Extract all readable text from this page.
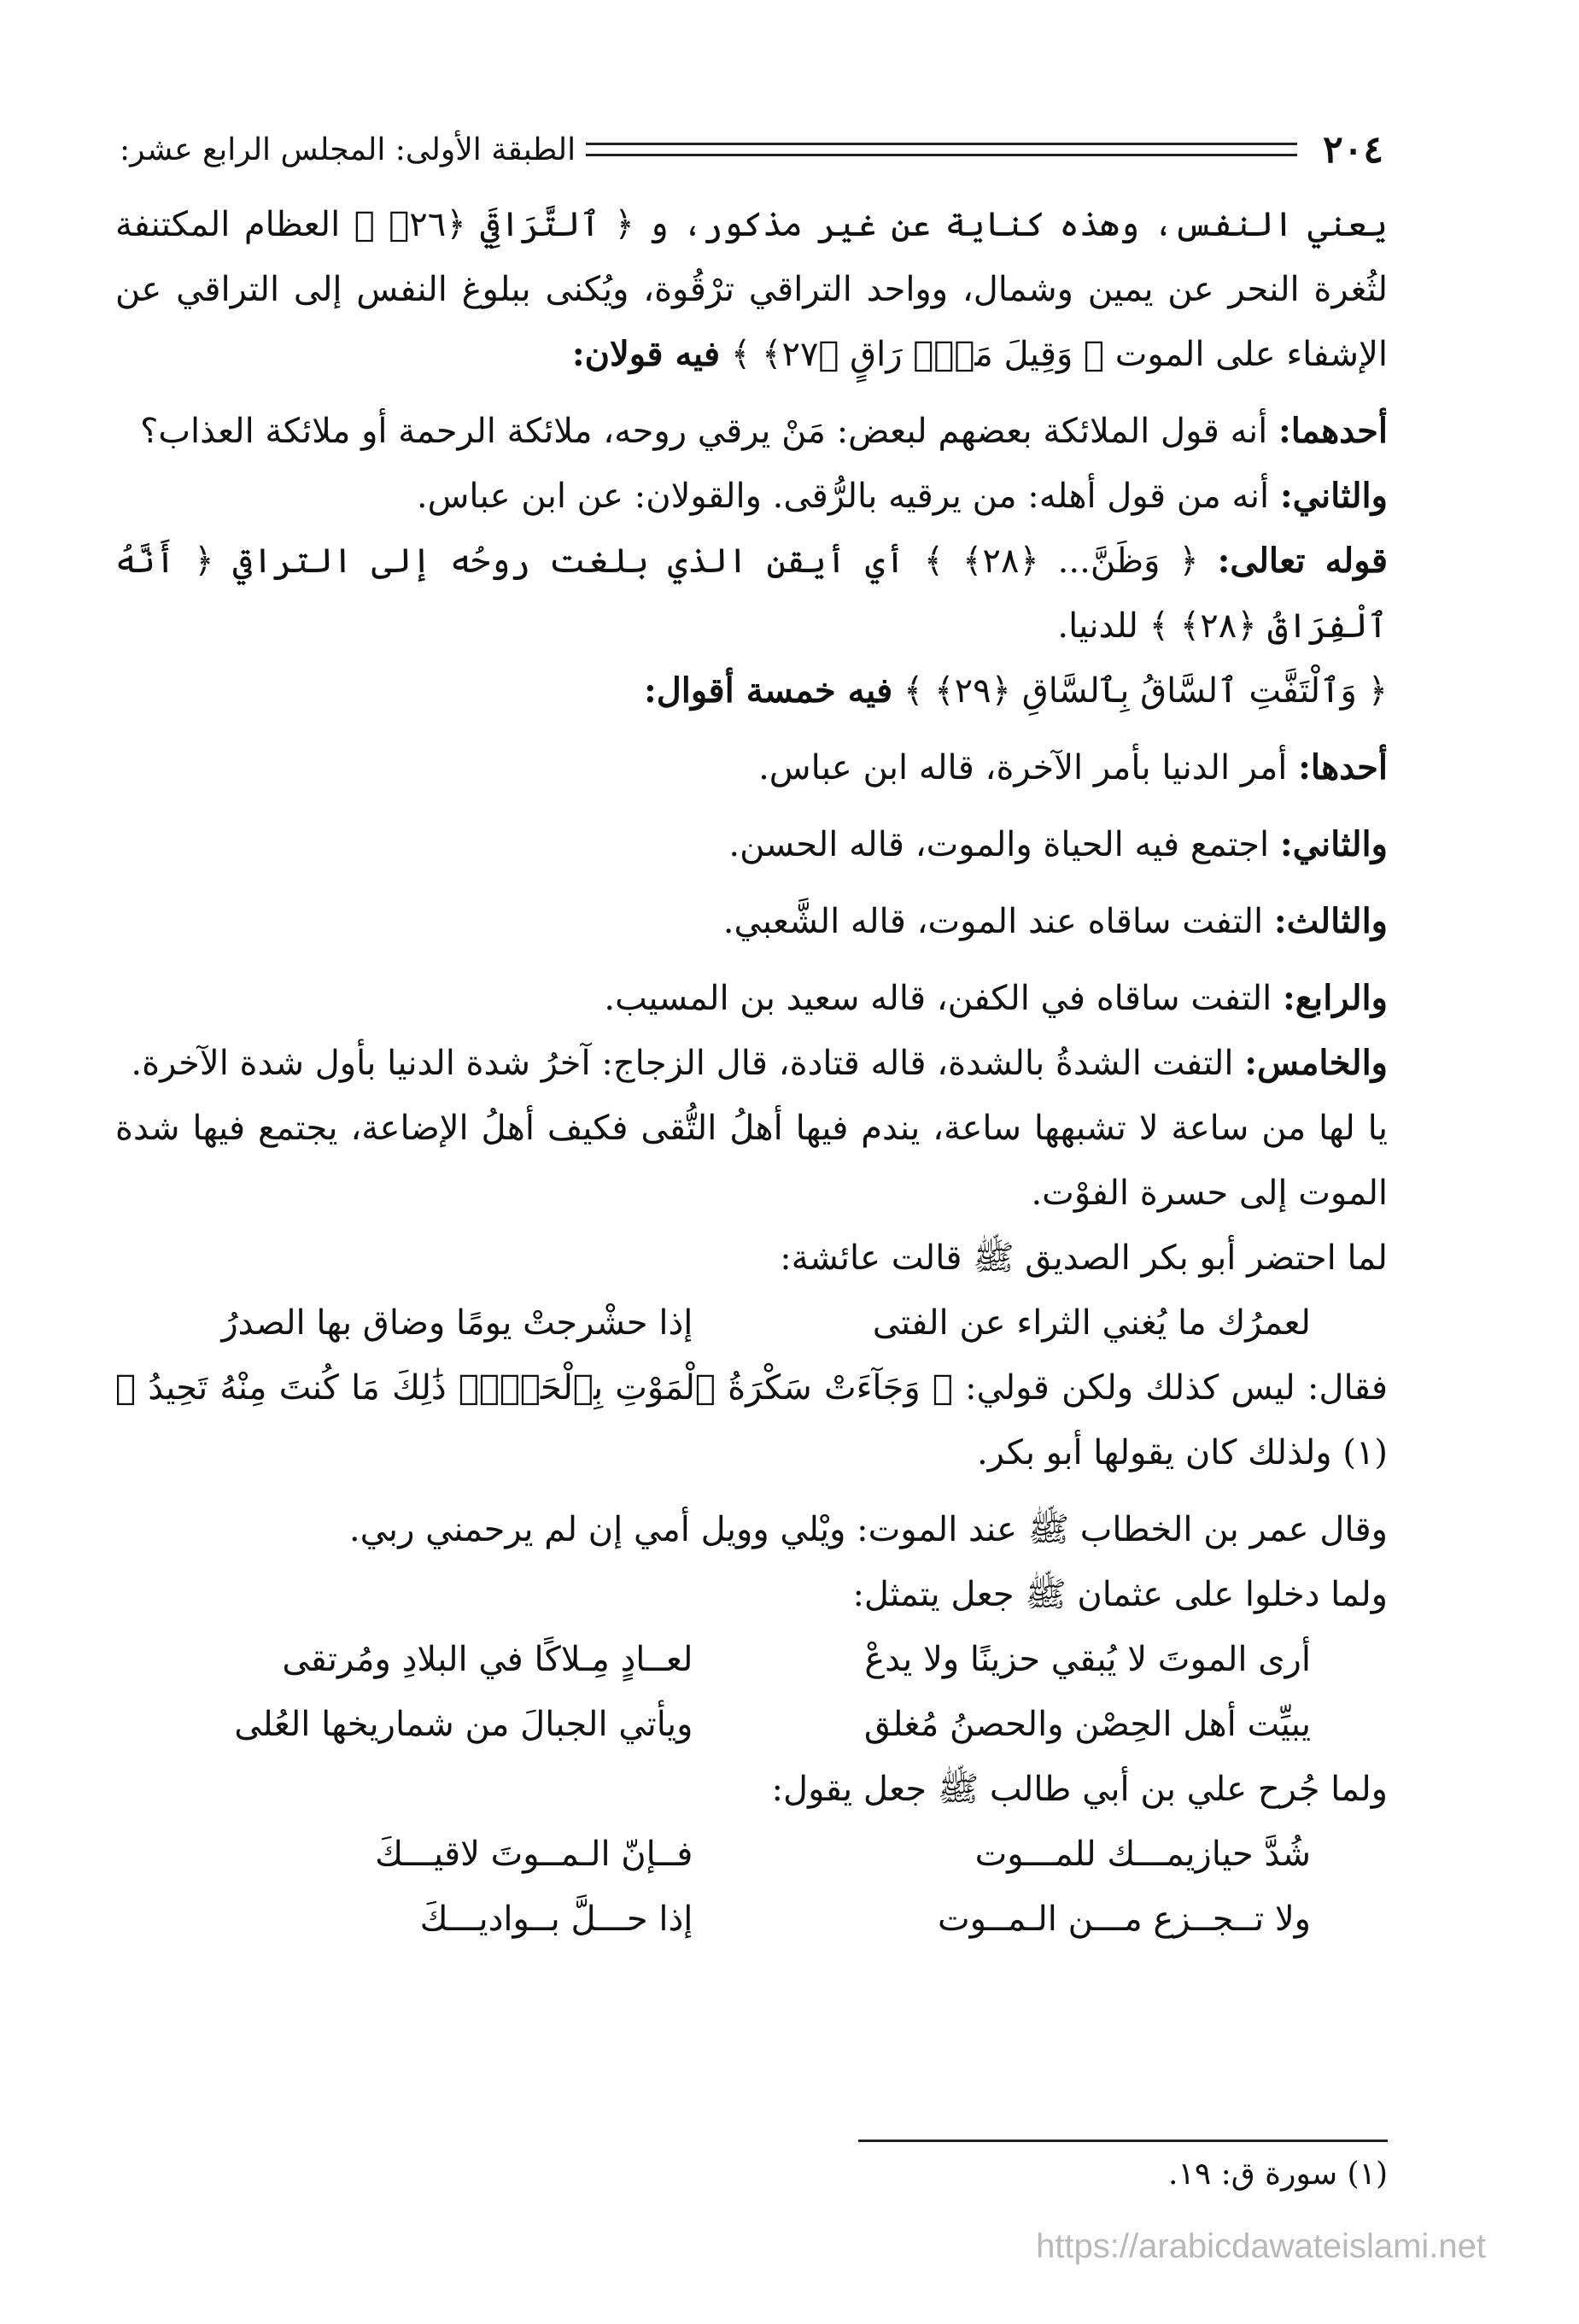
٢٠٤
الطبقة الأولى: المجلس الرابع عشر:

يعني النفس، وهذه كناية عن غير مذكور، و ﴿ ٱلتَّرَاقِيَ ﴿٢٦﴾ ﴾ العظام المكتنفة لثُغرة النحر عن يمين وشمال، وواحد التراقي ترْقُوة، ويُكنى ببلوغ النفس إلى التراقي عن الإشفاء على الموت ﴿ وَقِيلَ مَنْۜ رَاقٍ ﴿٢٧﴾ ﴾ فيه قولان:

أحدهما: أنه قول الملائكة بعضهم لبعض: مَنْ يرقي روحه، ملائكة الرحمة أو ملائكة العذاب؟

والثاني: أنه من قول أهله: من يرقيه بالرُّقى. والقولان: عن ابن عباس.

قوله تعالى: ﴿ وَظَنَّ... ﴿٢٨﴾ ﴾ أي أيقن الذي بلغت روحُه إلى التراقي ﴿ أَنَّهُ ٱلْفِرَاقُ ﴿٢٨﴾ ﴾ للدنيا.

﴿ وَٱلْتَفَّتِ ٱلسَّاقُ بِٱلسَّاقِ ﴿٢٩﴾ ﴾ فيه خمسة أقوال:

أحدها: أمر الدنيا بأمر الآخرة، قاله ابن عباس.

والثاني: اجتمع فيه الحياة والموت، قاله الحسن.

والثالث: التفت ساقاه عند الموت، قاله الشَّعبي.

والرابع: التفت ساقاه في الكفن، قاله سعيد بن المسيب.

والخامس: التفت الشدةُ بالشدة، قاله قتادة، قال الزجاج: آخرُ شدة الدنيا بأول شدة الآخرة.

يا لها من ساعة لا تشبهها ساعة، يندم فيها أهلُ التُّقى فكيف أهلُ الإضاعة، يجتمع فيها شدة الموت إلى حسرة الفوْت.

لما احتضر أبو بكر الصديق ﷺ قالت عائشة:

لعمرُك ما يُغني الثراء عن الفتى
إذا حشْرجتْ يومًا وضاق بها الصدرُ

فقال: ليس كذلك ولكن قولي: ﴿ وَجَآءَتْ سَكْرَةُ ٱلْمَوْتِ بِٱلْحَقِّۖ ذَٰلِكَ مَا كُنتَ مِنْهُ تَحِيدُ ﴾ (١) ولذلك كان يقولها أبو بكر.

وقال عمر بن الخطاب ﷺ عند الموت: ويْلي وويل أمي إن لم يرحمني ربي.

ولما دخلوا على عثمان ﷺ جعل يتمثل:

أرى الموتَ لا يُبقي حزينًا ولا يدعْ
لعــادٍ مِـلاكًا في البلادِ ومُرتقى
يبيِّت أهل الحِصْن والحصنُ مُغلق
ويأتي الجبالَ من شماريخها العُلى

ولما جُرح علي بن أبي طالب ﷺ جعل يقول:

شُدَّ حيازيمـــك للمـــوت
فــإنّ الـمــوتَ لاقيـــكَ
ولا تــجــزع مـــن الـمــوت
إذا حـــلَّ بــواديـــكَ
(١) سورة ق: ١٩.
https://arabicdawateislami.net
